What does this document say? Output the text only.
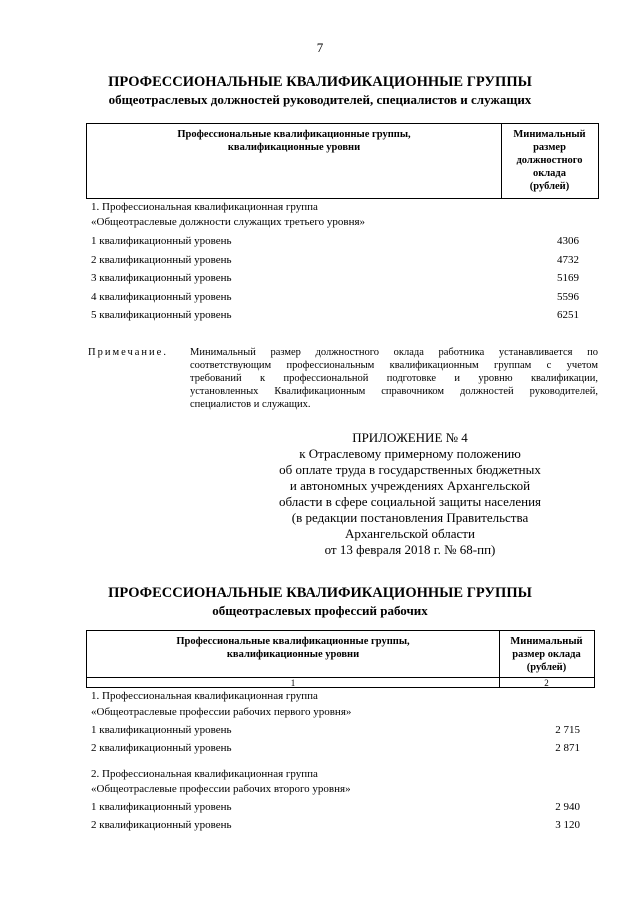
7
ПРОФЕССИОНАЛЬНЫЕ КВАЛИФИКАЦИОННЫЕ ГРУППЫ
общеотраслевых должностей руководителей, специалистов и служащих
Профессиональные квалификационные группы,
квалификационные уровни
Минимальный
размер
должностного
оклада
(рублей)
1. Профессиональная квалификационная группа
«Общеотраслевые должности служащих третьего уровня»
1 квалификационный уровень	4306
2 квалификационный уровень	4732
3 квалификационный уровень	5169
4 квалификационный уровень	5596
5 квалификационный уровень	6251
Примечание. Минимальный размер должностного оклада работника устанавливается по
соответствующим профессиональным квалификационным группам с учетом
требований к профессиональной подготовке и уровню квалификации,
установленных Квалификационным справочником должностей руководителей,
специалистов и служащих.
ПРИЛОЖЕНИЕ № 4
к Отраслевому примерному положению
об оплате труда в государственных бюджетных
и автономных учреждениях Архангельской
области в сфере социальной защиты населения
(в редакции постановления Правительства
Архангельской области
от 13 февраля 2018 г. № 68-пп)
ПРОФЕССИОНАЛЬНЫЕ КВАЛИФИКАЦИОННЫЕ ГРУППЫ
общеотраслевых профессий рабочих
Профессиональные квалификационные группы,
квалификационные уровни
Минимальный
размер оклада
(рублей)
1	2
1. Профессиональная квалификационная группа
«Общеотраслевые профессии рабочих первого уровня»
1 квалификационный уровень	2 715
2 квалификационный уровень	2 871
2. Профессиональная квалификационная группа
«Общеотраслевые профессии рабочих второго уровня»
1 квалификационный уровень	2 940
2 квалификационный уровень	3 120
